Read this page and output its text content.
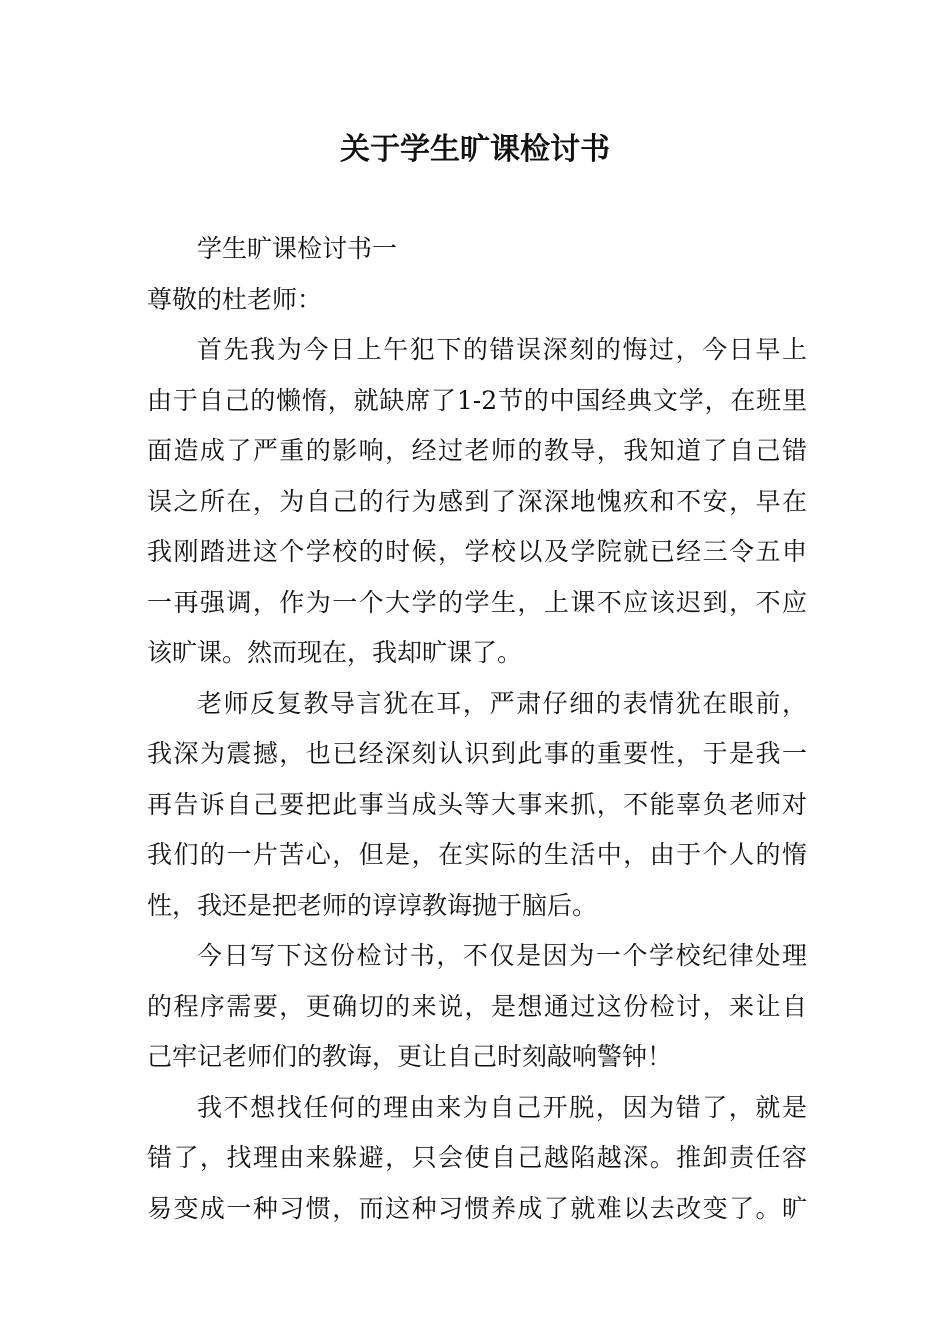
关于学生旷课检讨书
学生旷课检讨书一
尊敬的杜老师：
首先我为今日上午犯下的错误深刻的悔过，今日早上
由于自己的懒惰，就缺席了1-2节的中国经典文学，在班里
面造成了严重的影响，经过老师的教导，我知道了自己错
误之所在，为自己的行为感到了深深地愧疚和不安，早在
我刚踏进这个学校的时候，学校以及学院就已经三令五申
一再强调，作为一个大学的学生，上课不应该迟到，不应
该旷课。然而现在，我却旷课了。
老师反复教导言犹在耳，严肃仔细的表情犹在眼前，
我深为震撼，也已经深刻认识到此事的重要性，于是我一
再告诉自己要把此事当成头等大事来抓，不能辜负老师对
我们的一片苦心，但是，在实际的生活中，由于个人的惰
性，我还是把老师的谆谆教诲抛于脑后。
今日写下这份检讨书，不仅是因为一个学校纪律处理
的程序需要，更确切的来说，是想通过这份检讨，来让自
己牢记老师们的教诲，更让自己时刻敲响警钟！
我不想找任何的理由来为自己开脱，因为错了，就是
错了，找理由来躲避，只会使自己越陷越深。推卸责任容
易变成一种习惯，而这种习惯养成了就难以去改变了。旷
